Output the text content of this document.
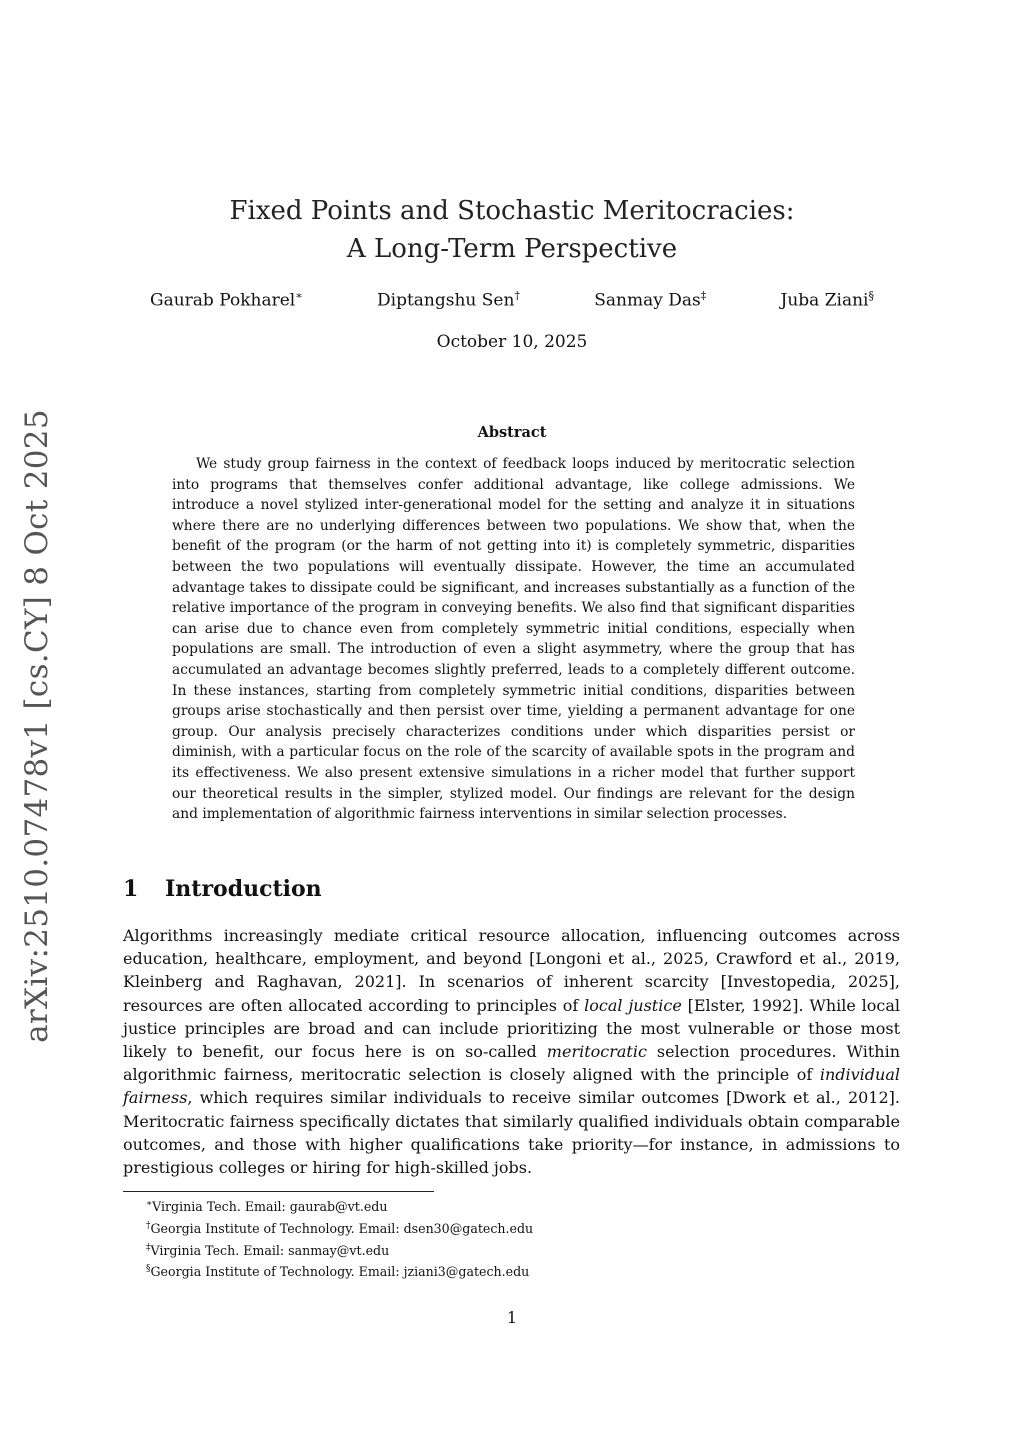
arXiv:2510.07478v1 [cs.CY] 8 Oct 2025
Fixed Points and Stochastic Meritocracies:
A Long-Term Perspective
Gaurab Pokharel∗	Diptangshu Sen†	Sanmay Das‡	Juba Ziani§
October 10, 2025
Abstract

We study group fairness in the context of feedback loops induced by meritocratic selection into programs that themselves confer additional advantage, like college admissions. We introduce a novel stylized inter-generational model for the setting and analyze it in situations where there are no underlying differences between two populations. We show that, when the benefit of the program (or the harm of not getting into it) is completely symmetric, disparities between the two populations will eventually dissipate. However, the time an accumulated advantage takes to dissipate could be significant, and increases substantially as a function of the relative importance of the program in conveying benefits. We also find that significant disparities can arise due to chance even from completely symmetric initial conditions, especially when populations are small. The introduction of even a slight asymmetry, where the group that has accumulated an advantage becomes slightly preferred, leads to a completely different outcome. In these instances, starting from completely symmetric initial conditions, disparities between groups arise stochastically and then persist over time, yielding a permanent advantage for one group. Our analysis precisely characterizes conditions under which disparities persist or diminish, with a particular focus on the role of the scarcity of available spots in the program and its effectiveness. We also present extensive simulations in a richer model that further support our theoretical results in the simpler, stylized model. Our findings are relevant for the design and implementation of algorithmic fairness interventions in similar selection processes.

1 Introduction

Algorithms increasingly mediate critical resource allocation, influencing outcomes across education, healthcare, employment, and beyond [Longoni et al., 2025, Crawford et al., 2019, Kleinberg and Raghavan, 2021]. In scenarios of inherent scarcity [Investopedia, 2025], resources are often allocated according to principles of local justice [Elster, 1992]. While local justice principles are broad and can include prioritizing the most vulnerable or those most likely to benefit, our focus here is on so-called meritocratic selection procedures. Within algorithmic fairness, meritocratic selection is closely aligned with the principle of individual fairness, which requires similar individuals to receive similar outcomes [Dwork et al., 2012]. Meritocratic fairness specifically dictates that similarly qualified individuals obtain comparable outcomes, and those with higher qualifications take priority—for instance, in admissions to prestigious colleges or hiring for high-skilled jobs.

∗Virginia Tech. Email: gaurab@vt.edu
†Georgia Institute of Technology. Email: dsen30@gatech.edu
‡Virginia Tech. Email: sanmay@vt.edu
§Georgia Institute of Technology. Email: jziani3@gatech.edu
1
